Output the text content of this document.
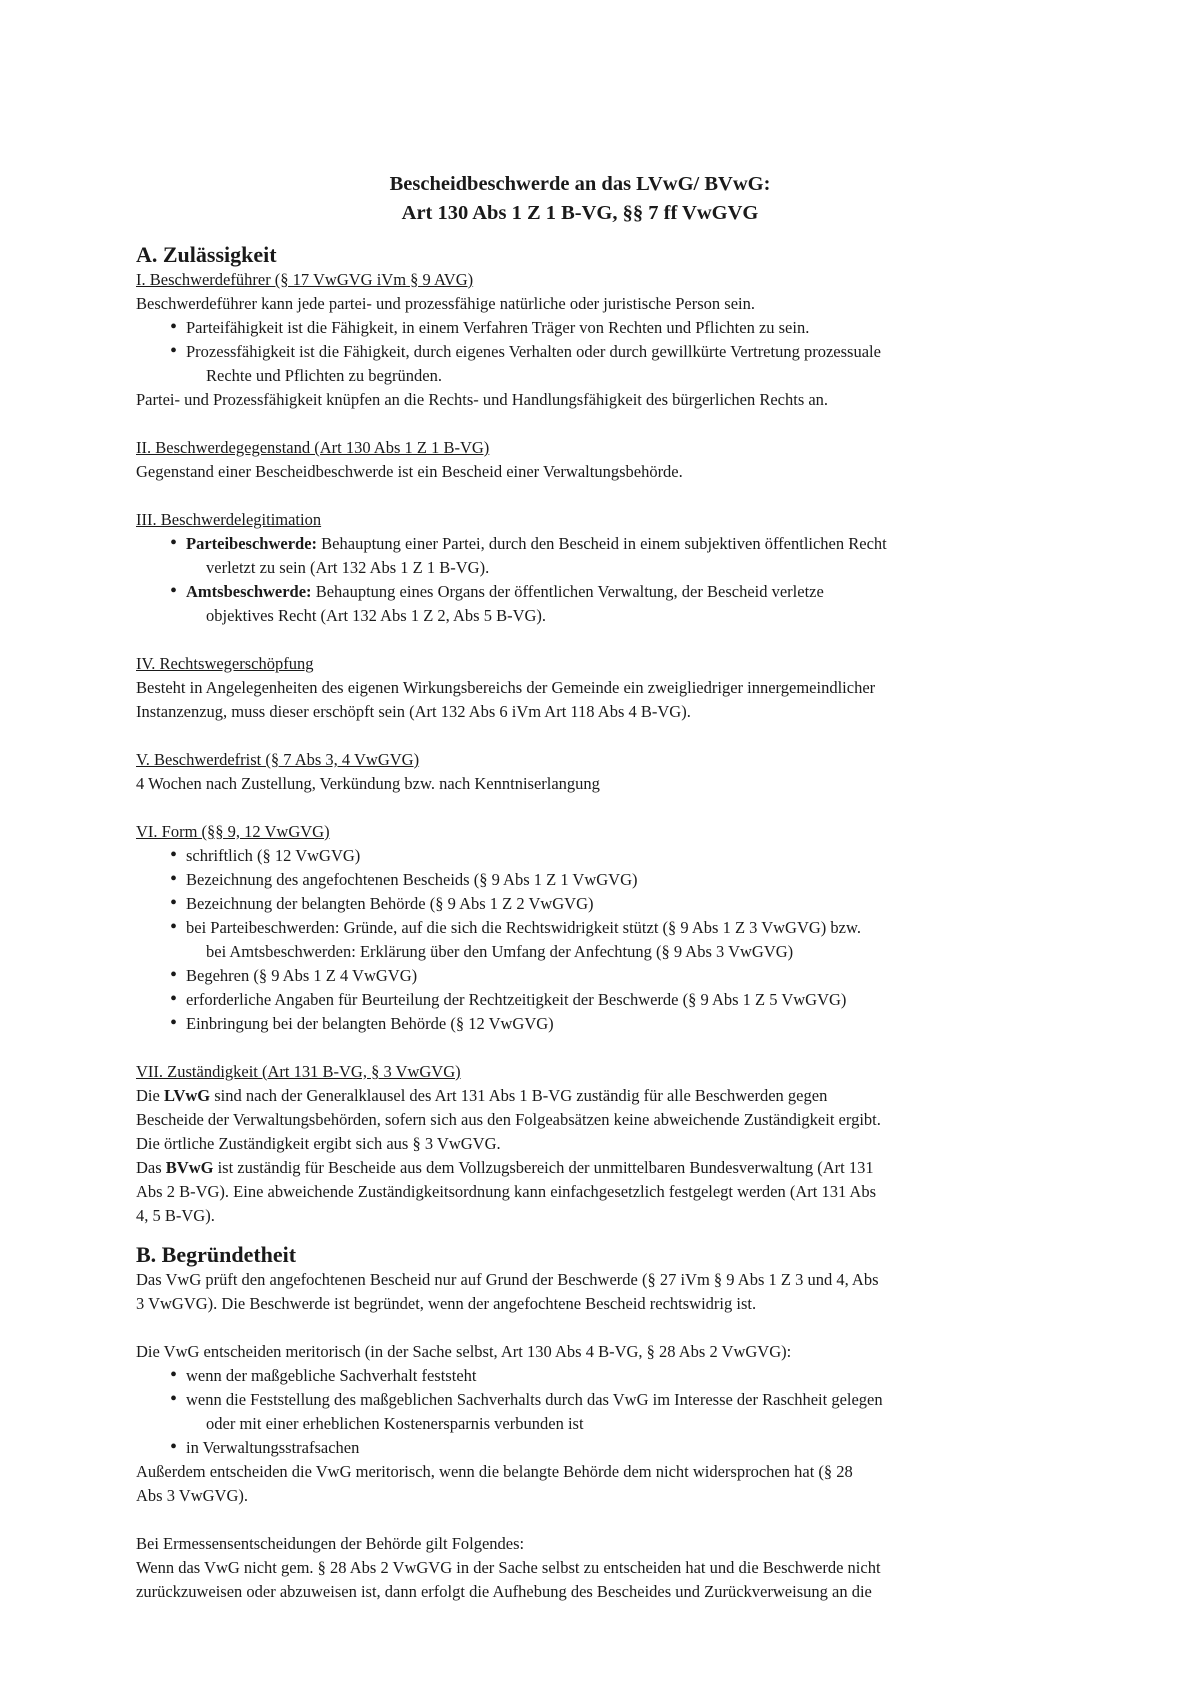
Bescheidbeschwerde an das LVwG/ BVwG:

Art 130 Abs 1 Z 1 B-VG, §§ 7 ff VwGVG

A. Zulässigkeit

I. Beschwerdeführer (§ 17 VwGVG iVm § 9 AVG)

Beschwerdeführer kann jede partei- und prozessfähige natürliche oder juristische Person sein.

• Parteifähigkeit ist die Fähigkeit, in einem Verfahren Träger von Rechten und Pflichten zu sein.
• Prozessfähigkeit ist die Fähigkeit, durch eigenes Verhalten oder durch gewillkürte Vertretung prozessuale
Rechte und Pflichten zu begründen.

Partei- und Prozessfähigkeit knüpfen an die Rechts- und Handlungsfähigkeit des bürgerlichen Rechts an.

II. Beschwerdegegenstand (Art 130 Abs 1 Z 1 B-VG)

Gegenstand einer Bescheidbeschwerde ist ein Bescheid einer Verwaltungsbehörde.

III. Beschwerdelegitimation

• Parteibeschwerde: Behauptung einer Partei, durch den Bescheid in einem subjektiven öffentlichen Recht
verletzt zu sein (Art 132 Abs 1 Z 1 B-VG).
• Amtsbeschwerde: Behauptung eines Organs der öffentlichen Verwaltung, der Bescheid verletze
objektives Recht (Art 132 Abs 1 Z 2, Abs 5 B-VG).

IV. Rechtswegerschöpfung

Besteht in Angelegenheiten des eigenen Wirkungsbereichs der Gemeinde ein zweigliedriger innergemeindlicher

Instanzenzug, muss dieser erschöpft sein (Art 132 Abs 6 iVm Art 118 Abs 4 B-VG).

V. Beschwerdefrist (§ 7 Abs 3, 4 VwGVG)

4 Wochen nach Zustellung, Verkündung bzw. nach Kenntniserlangung

VI. Form (§§ 9, 12 VwGVG)

• schriftlich (§ 12 VwGVG)
• Bezeichnung des angefochtenen Bescheids (§ 9 Abs 1 Z 1 VwGVG)
• Bezeichnung der belangten Behörde (§ 9 Abs 1 Z 2 VwGVG)
• bei Parteibeschwerden: Gründe, auf die sich die Rechtswidrigkeit stützt (§ 9 Abs 1 Z 3 VwGVG) bzw.
bei Amtsbeschwerden: Erklärung über den Umfang der Anfechtung (§ 9 Abs 3 VwGVG)
• Begehren (§ 9 Abs 1 Z 4 VwGVG)
• erforderliche Angaben für Beurteilung der Rechtzeitigkeit der Beschwerde (§ 9 Abs 1 Z 5 VwGVG)
• Einbringung bei der belangten Behörde (§ 12 VwGVG)

VII. Zuständigkeit (Art 131 B-VG, § 3 VwGVG)

Die LVwG sind nach der Generalklausel des Art 131 Abs 1 B-VG zuständig für alle Beschwerden gegen

Bescheide der Verwaltungsbehörden, sofern sich aus den Folgeabsätzen keine abweichende Zuständigkeit ergibt.

Die örtliche Zuständigkeit ergibt sich aus § 3 VwGVG.

Das BVwG ist zuständig für Bescheide aus dem Vollzugsbereich der unmittelbaren Bundesverwaltung (Art 131

Abs 2 B-VG). Eine abweichende Zuständigkeitsordnung kann einfachgesetzlich festgelegt werden (Art 131 Abs

4, 5 B-VG).

B. Begründetheit

Das VwG prüft den angefochtenen Bescheid nur auf Grund der Beschwerde (§ 27 iVm § 9 Abs 1 Z 3 und 4, Abs

3 VwGVG). Die Beschwerde ist begründet, wenn der angefochtene Bescheid rechtswidrig ist.

Die VwG entscheiden meritorisch (in der Sache selbst, Art 130 Abs 4 B-VG, § 28 Abs 2 VwGVG):

• wenn der maßgebliche Sachverhalt feststeht
• wenn die Feststellung des maßgeblichen Sachverhalts durch das VwG im Interesse der Raschheit gelegen
oder mit einer erheblichen Kostenersparnis verbunden ist
• in Verwaltungsstrafsachen

Außerdem entscheiden die VwG meritorisch, wenn die belangte Behörde dem nicht widersprochen hat (§ 28

Abs 3 VwGVG).

Bei Ermessensentscheidungen der Behörde gilt Folgendes:

Wenn das VwG nicht gem. § 28 Abs 2 VwGVG in der Sache selbst zu entscheiden hat und die Beschwerde nicht

zurückzuweisen oder abzuweisen ist, dann erfolgt die Aufhebung des Bescheides und Zurückverweisung an die
